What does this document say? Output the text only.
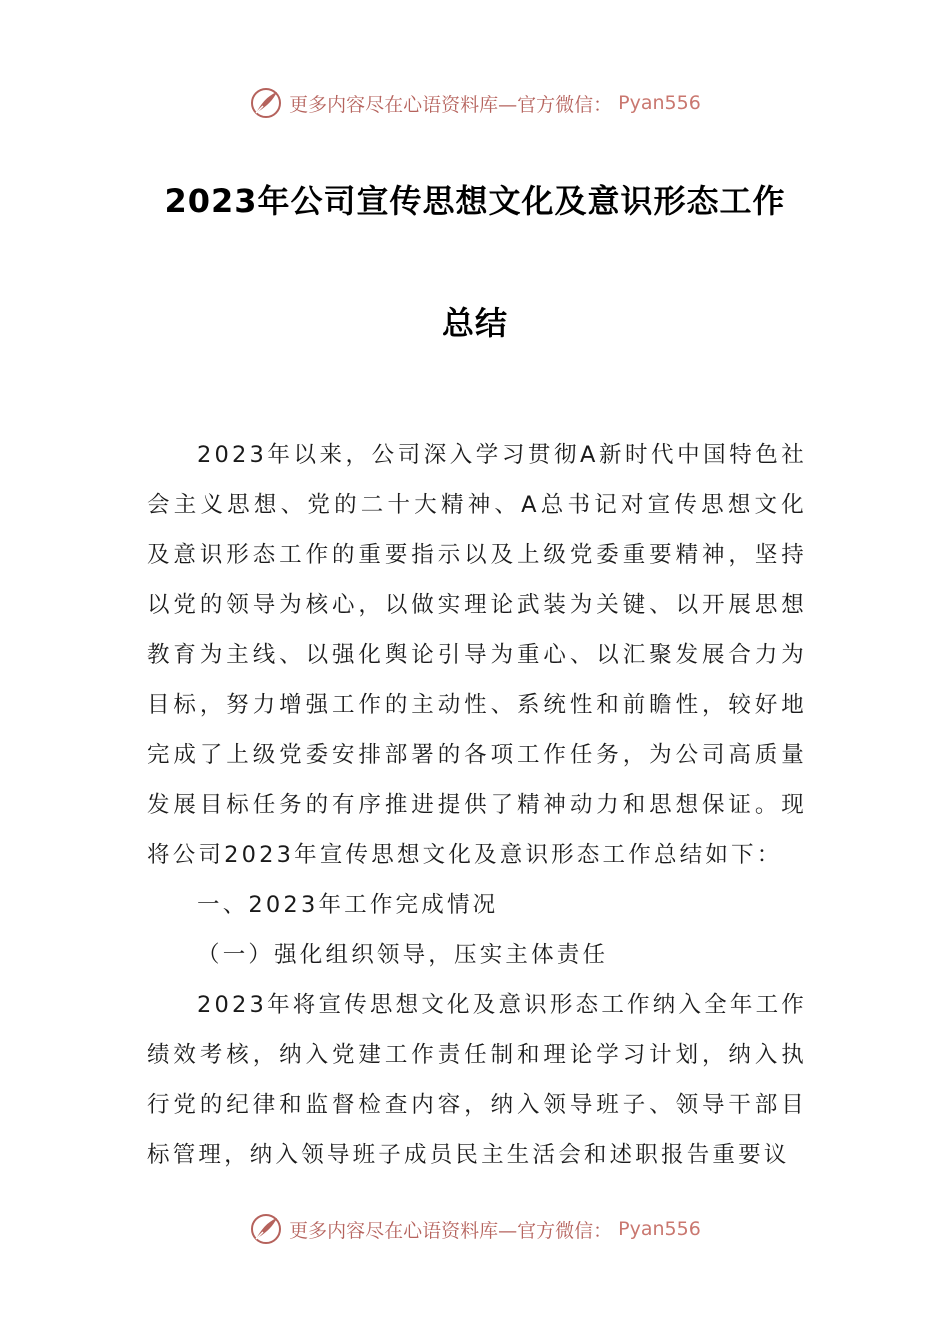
更多内容尽在心语资料库—官方微信： Pyan556
2023年公司宣传思想文化及意识形态工作
总结

2023年以来，公司深入学习贯彻A新时代中国特色社会主义思想、党的二十大精神、A总书记对宣传思想文化及意识形态工作的重要指示以及上级党委重要精神，坚持以党的领导为核心，以做实理论武装为关键、以开展思想教育为主线、以强化舆论引导为重心、以汇聚发展合力为目标，努力增强工作的主动性、系统性和前瞻性，较好地完成了上级党委安排部署的各项工作任务，为公司高质量发展目标任务的有序推进提供了精神动力和思想保证。现将公司2023年宣传思想文化及意识形态工作总结如下：

一、2023年工作完成情况

（一）强化组织领导，压实主体责任

2023年将宣传思想文化及意识形态工作纳入全年工作绩效考核，纳入党建工作责任制和理论学习计划，纳入执行党的纪律和监督检查内容，纳入领导班子、领导干部目标管理，纳入领导班子成员民主生活会和述职报告重要议

更多内容尽在心语资料库—官方微信： Pyan556
